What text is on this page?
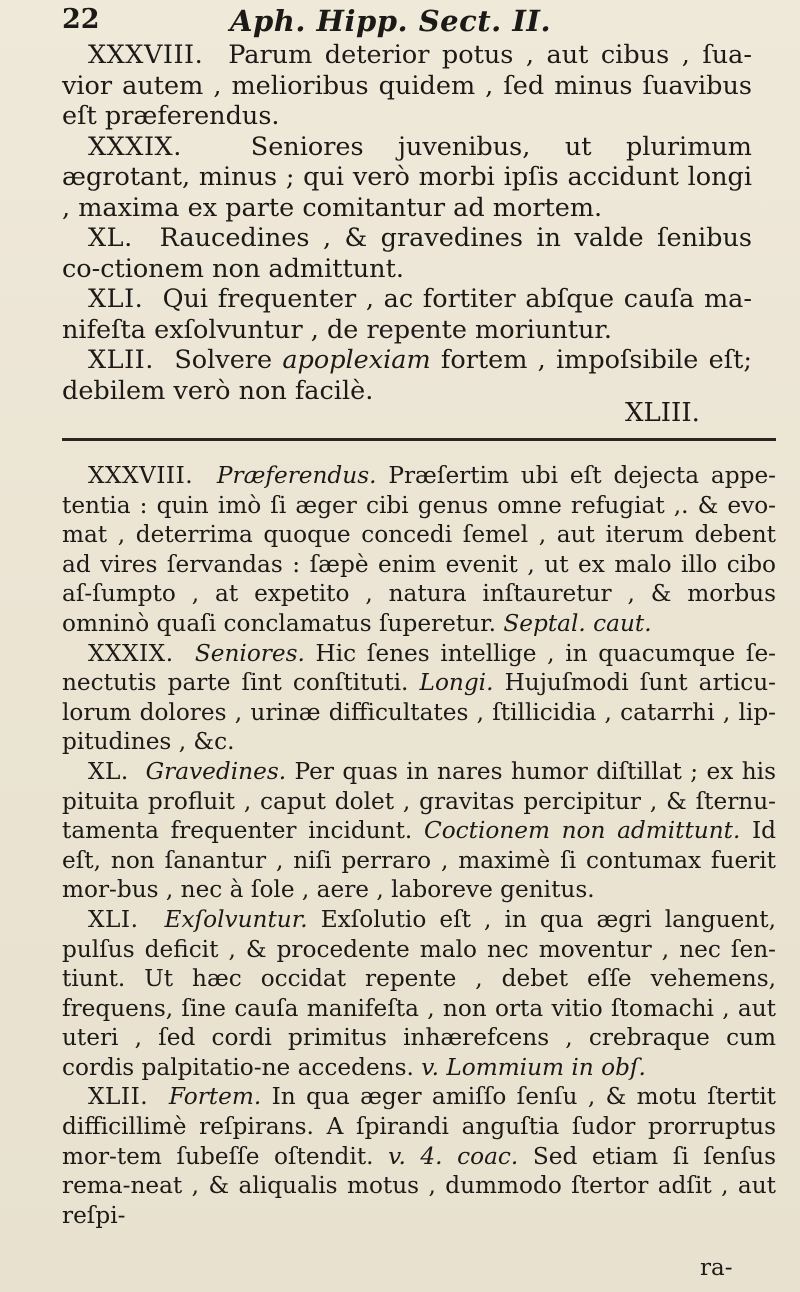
22	Aph. Hipp. Sect. II.

XXXVIII. Parum deterior potus , aut cibus , ſua-vior autem , melioribus quidem , ſed minus ſuavibus eſt præferendus.

XXXIX.	Seniores juvenibus, ut plurimum ægrotant, minus ; qui verò morbi ipſis accidunt longi , maxima ex parte comitantur ad mortem.

XL. Raucedines , & gravedines in valde ſenibus co-ctionem non admittunt.

XLI. Qui frequenter , ac fortiter abſque cauſa ma-nifeſta exſolvuntur , de repente moriuntur.

XLII. Solvere apoplexiam fortem , impoſsibile eſt; debilem verò non facilè.

XLIII.

XXXVIII. Præferendus. Præſertim ubi eſt dejecta appe-tentia : quin imò ſi æger cibi genus omne refugiat ,. & evo-mat , deterrima quoque concedi ſemel , aut iterum debent ad vires ſervandas : ſæpè enim evenit , ut ex malo illo cibo aſ-ſumpto , at expetito , natura inſtauretur , & morbus omninò quaſi conclamatus ſuperetur. Septal. caut.

XXXIX. Seniores. Hic ſenes intellige , in quacumque ſe-nectutis parte ſint conſtituti. Longi. Hujuſmodi ſunt articu-lorum dolores , urinæ difficultates , ſtillicidia , catarrhi , lip-pitudines , &c.

XL. Gravedines. Per quas in nares humor diſtillat ; ex his pituita profluit , caput dolet , gravitas percipitur , & ſternu-tamenta frequenter incidunt. Coctionem non admittunt. Id eſt, non ſanantur , niſi perraro , maximè ſi contumax fuerit mor-bus , nec à ſole , aere , laboreve genitus.

XLI. Exſolvuntur. Exſolutio eſt , in qua ægri languent, pulſus deficit , & procedente malo nec moventur , nec ſen-tiunt. Ut hæc occidat repente , debet eſſe vehemens, frequens, ſine cauſa manifeſta , non orta vitio ſtomachi , aut uteri , ſed cordi primitus inhærefcens , crebraque cum cordis palpitatio-ne accedens. v. Lommium in obſ.

XLII. Fortem. In qua æger amiſſo ſenſu , & motu ſtertit difficillimè reſpirans. A ſpirandi anguſtia ſudor prorruptus mor-tem ſubeſſe oſtendit. v. 4. coac. Sed etiam ſi ſenſus rema-neat , & aliqualis motus , dummodo ſtertor adſit , aut reſpi-

ra-
